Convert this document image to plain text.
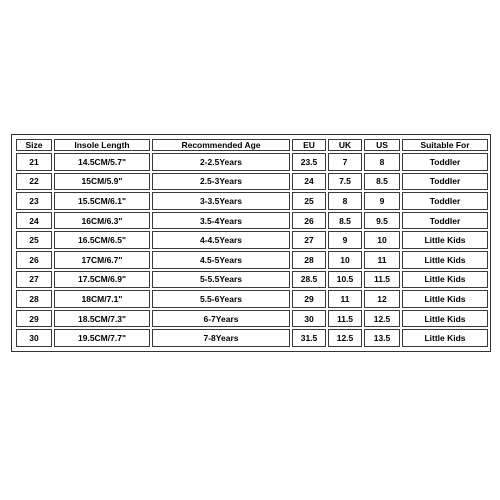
Size	Insole Length	Recommended Age	EU	UK	US	Suitable For
21	14.5CM/5.7"	2-2.5Years	23.5	7	8	Toddler
22	15CM/5.9"	2.5-3Years	24	7.5	8.5	Toddler
23	15.5CM/6.1"	3-3.5Years	25	8	9	Toddler
24	16CM/6.3"	3.5-4Years	26	8.5	9.5	Toddler
25	16.5CM/6.5"	4-4.5Years	27	9	10	Little Kids
26	17CM/6.7"	4.5-5Years	28	10	11	Little Kids
27	17.5CM/6.9"	5-5.5Years	28.5	10.5	11.5	Little Kids
28	18CM/7.1"	5.5-6Years	29	11	12	Little Kids
29	18.5CM/7.3"	6-7Years	30	11.5	12.5	Little Kids
30	19.5CM/7.7"	7-8Years	31.5	12.5	13.5	Little Kids
